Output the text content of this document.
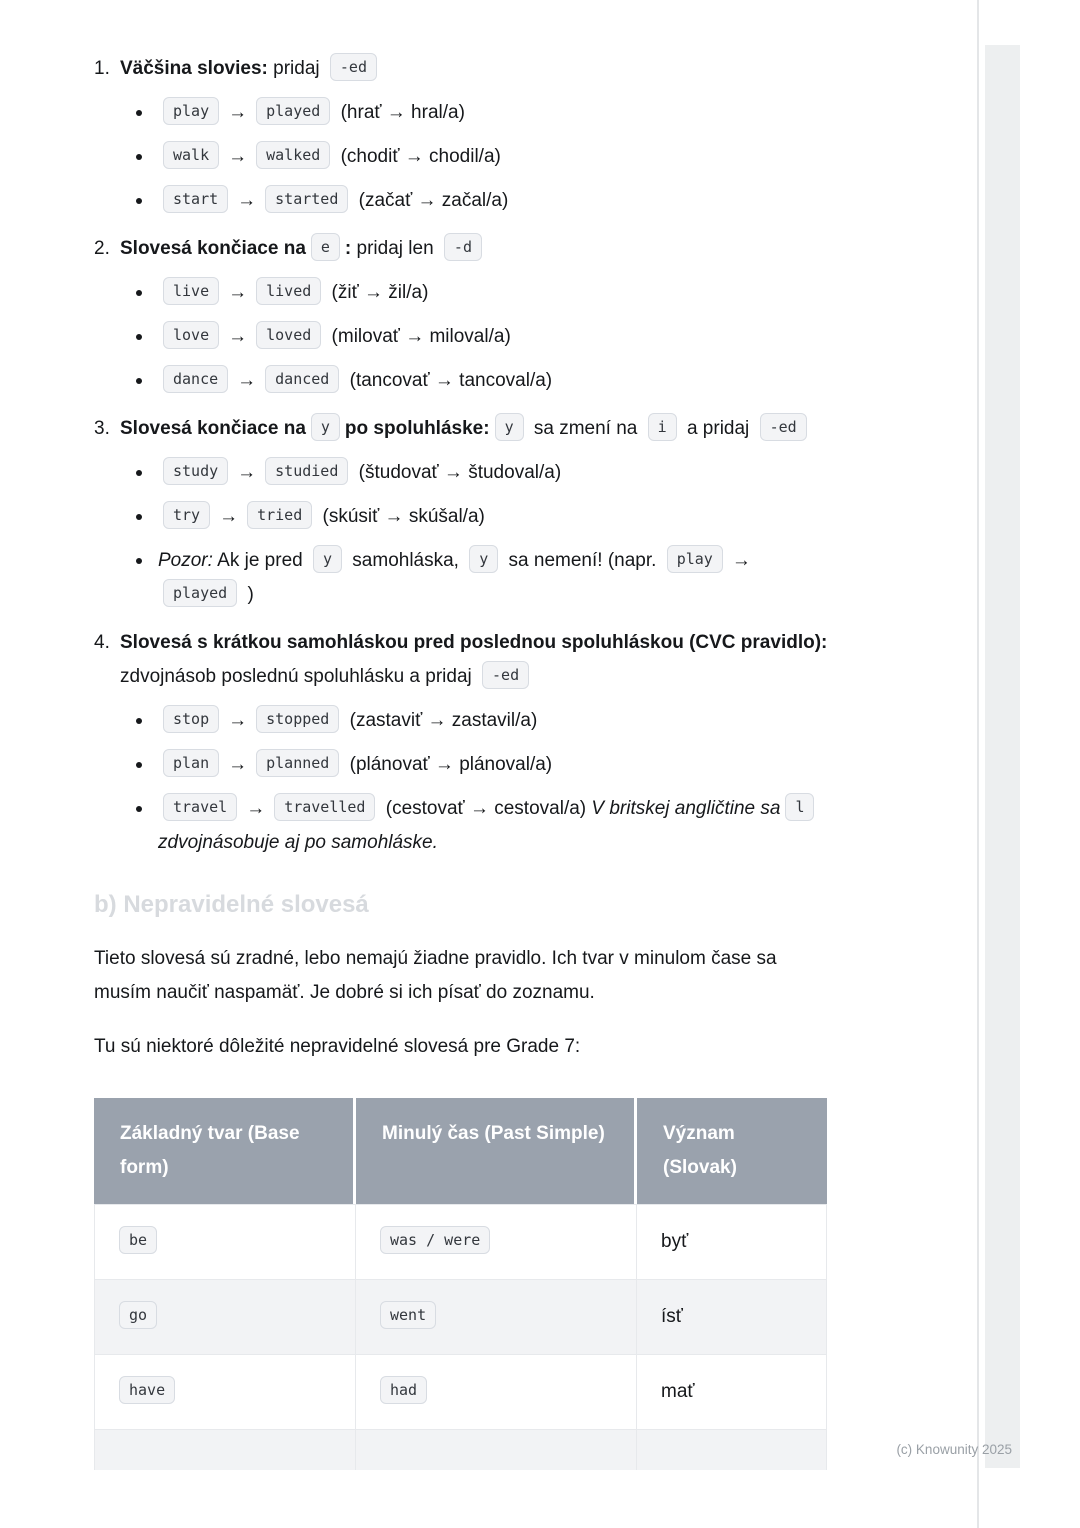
1. Väčšina slovies: pridaj -ed
play → played (hrať → hral/a)
walk → walked (chodiť → chodil/a)
start → started (začať → začal/a)
2. Slovesá končiace na e : pridaj len -d
live → lived (žiť → žil/a)
love → loved (milovať → miloval/a)
dance → danced (tancovať → tancoval/a)
3. Slovesá končiace na y po spoluhláske: y sa zmení na i a pridaj -ed
study → studied (študovať → študoval/a)
try → tried (skúsiť → skúšal/a)
Pozor: Ak je pred y samohláska, y sa nemení! (napr. play →played )
4. Slovesá s krátkou samohláskou pred poslednou spoluhláskou (CVC pravidlo): zdvojnásob poslednú spoluhlásku a pridaj -ed
stop → stopped (zastaviť → zastavil/a)
plan → planned (plánovať → plánoval/a)
travel → travelled (cestovať → cestoval/a) V britskej angličtine sa lzdvojnásobuje aj po samohláske.
b) Nepravidelné slovesá

Tieto slovesá sú zradné, lebo nemajú žiadne pravidlo. Ich tvar v minulom čase sa musím naučiť naspamäť. Je dobré si ich písať do zoznamu.

Tu sú niektoré dôležité nepravidelné slovesá pre Grade 7:

Základný tvar (Base form)	Minulý čas (Past Simple)	Význam (Slovak)
be	was / were	byť
go	went	ísť
have	had	mať

(c) Knowunity 2025
